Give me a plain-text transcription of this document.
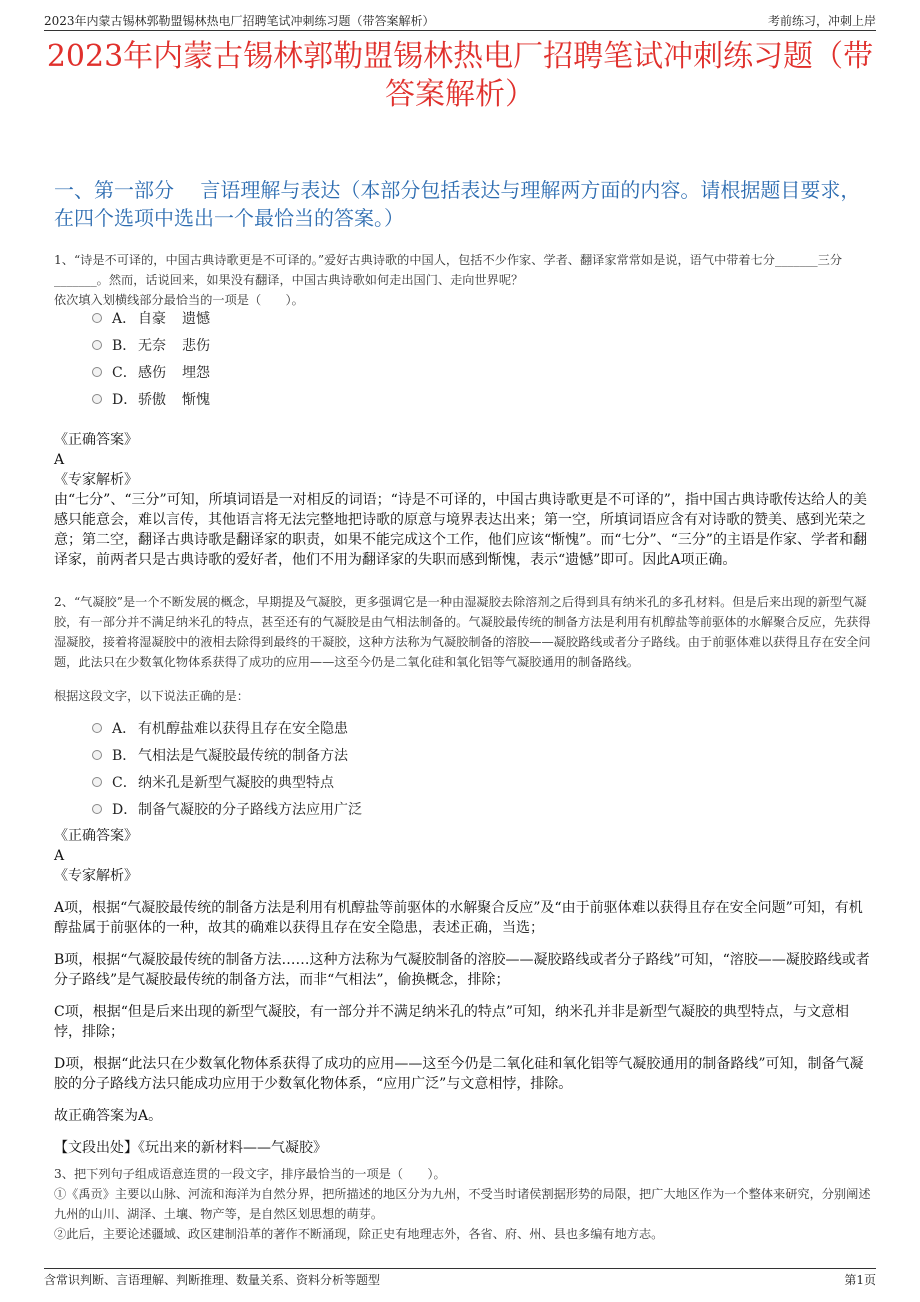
2023年内蒙古锡林郭勒盟锡林热电厂招聘笔试冲刺练习题（带答案解析）	考前练习，冲刺上岸
2023年内蒙古锡林郭勒盟锡林热电厂招聘笔试冲刺练习题（带答案解析）
一、第一部分　 言语理解与表达（本部分包括表达与理解两方面的内容。请根据题目要求，在四个选项中选出一个最恰当的答案。）

1、“诗是不可译的，中国古典诗歌更是不可译的。”爱好古典诗歌的中国人，包括不少作家、学者、翻译家常常如是说，语气中带着七分_______三分_______。然而，话说回来，如果没有翻译，中国古典诗歌如何走出国门、走向世界呢？

依次填入划横线部分最恰当的一项是（　　）。

A． 自豪 遗憾
B． 无奈 悲伤
C． 感伤 埋怨
D． 骄傲 惭愧

《正确答案》

A

《专家解析》

由“七分”、“三分”可知，所填词语是一对相反的词语；“诗是不可译的，中国古典诗歌更是不可译的”，指中国古典诗歌传达给人的美感只能意会，难以言传，其他语言将无法完整地把诗歌的原意与境界表达出来；第一空，所填词语应含有对诗歌的赞美、感到光荣之意；第二空，翻译古典诗歌是翻译家的职责，如果不能完成这个工作，他们应该“惭愧”。而“七分”、“三分”的主语是作家、学者和翻译家，前两者只是古典诗歌的爱好者，他们不用为翻译家的失职而感到惭愧，表示“遗憾”即可。因此A项正确。

2、“气凝胶”是一个不断发展的概念，早期提及气凝胶，更多强调它是一种由湿凝胶去除溶剂之后得到具有纳米孔的多孔材料。但是后来出现的新型气凝胶，有一部分并不满足纳米孔的特点，甚至还有的气凝胶是由气相法制备的。气凝胶最传统的制备方法是利用有机醇盐等前驱体的水解聚合反应，先获得湿凝胶，接着将湿凝胶中的液相去除得到最终的干凝胶，这种方法称为气凝胶制备的溶胶——凝胶路线或者分子路线。由于前驱体难以获得且存在安全问题，此法只在少数氧化物体系获得了成功的应用——这至今仍是二氧化硅和氧化铝等气凝胶通用的制备路线。

根据这段文字，以下说法正确的是：

A． 有机醇盐难以获得且存在安全隐患
B． 气相法是气凝胶最传统的制备方法
C． 纳米孔是新型气凝胶的典型特点
D． 制备气凝胶的分子路线方法应用广泛

《正确答案》

A

《专家解析》

A项，根据“气凝胶最传统的制备方法是利用有机醇盐等前驱体的水解聚合反应”及“由于前驱体难以获得且存在安全问题”可知，有机醇盐属于前驱体的一种，故其的确难以获得且存在安全隐患，表述正确，当选；

B项，根据“气凝胶最传统的制备方法……这种方法称为气凝胶制备的溶胶——凝胶路线或者分子路线”可知，“溶胶——凝胶路线或者分子路线”是气凝胶最传统的制备方法，而非“气相法”，偷换概念，排除；

C项，根据“但是后来出现的新型气凝胶，有一部分并不满足纳米孔的特点”可知，纳米孔并非是新型气凝胶的典型特点，与文意相悖，排除；

D项，根据“此法只在少数氧化物体系获得了成功的应用——这至今仍是二氧化硅和氧化铝等气凝胶通用的制备路线”可知，制备气凝胶的分子路线方法只能成功应用于少数氧化物体系，“应用广泛”与文意相悖，排除。

故正确答案为A。

【文段出处】《玩出来的新材料——气凝胶》

3、把下列句子组成语意连贯的一段文字，排序最恰当的一项是（　　）。

①《禹贡》主要以山脉、河流和海洋为自然分界，把所描述的地区分为九州，不受当时诸侯割据形势的局限，把广大地区作为一个整体来研究，分别阐述九州的山川、湖泽、土壤、物产等，是自然区划思想的萌芽。

②此后，主要论述疆域、政区建制沿革的著作不断涌现，除正史有地理志外，各省、府、州、县也多编有地方志。

含常识判断、言语理解、判断推理、数量关系、资料分析等题型	第1页
